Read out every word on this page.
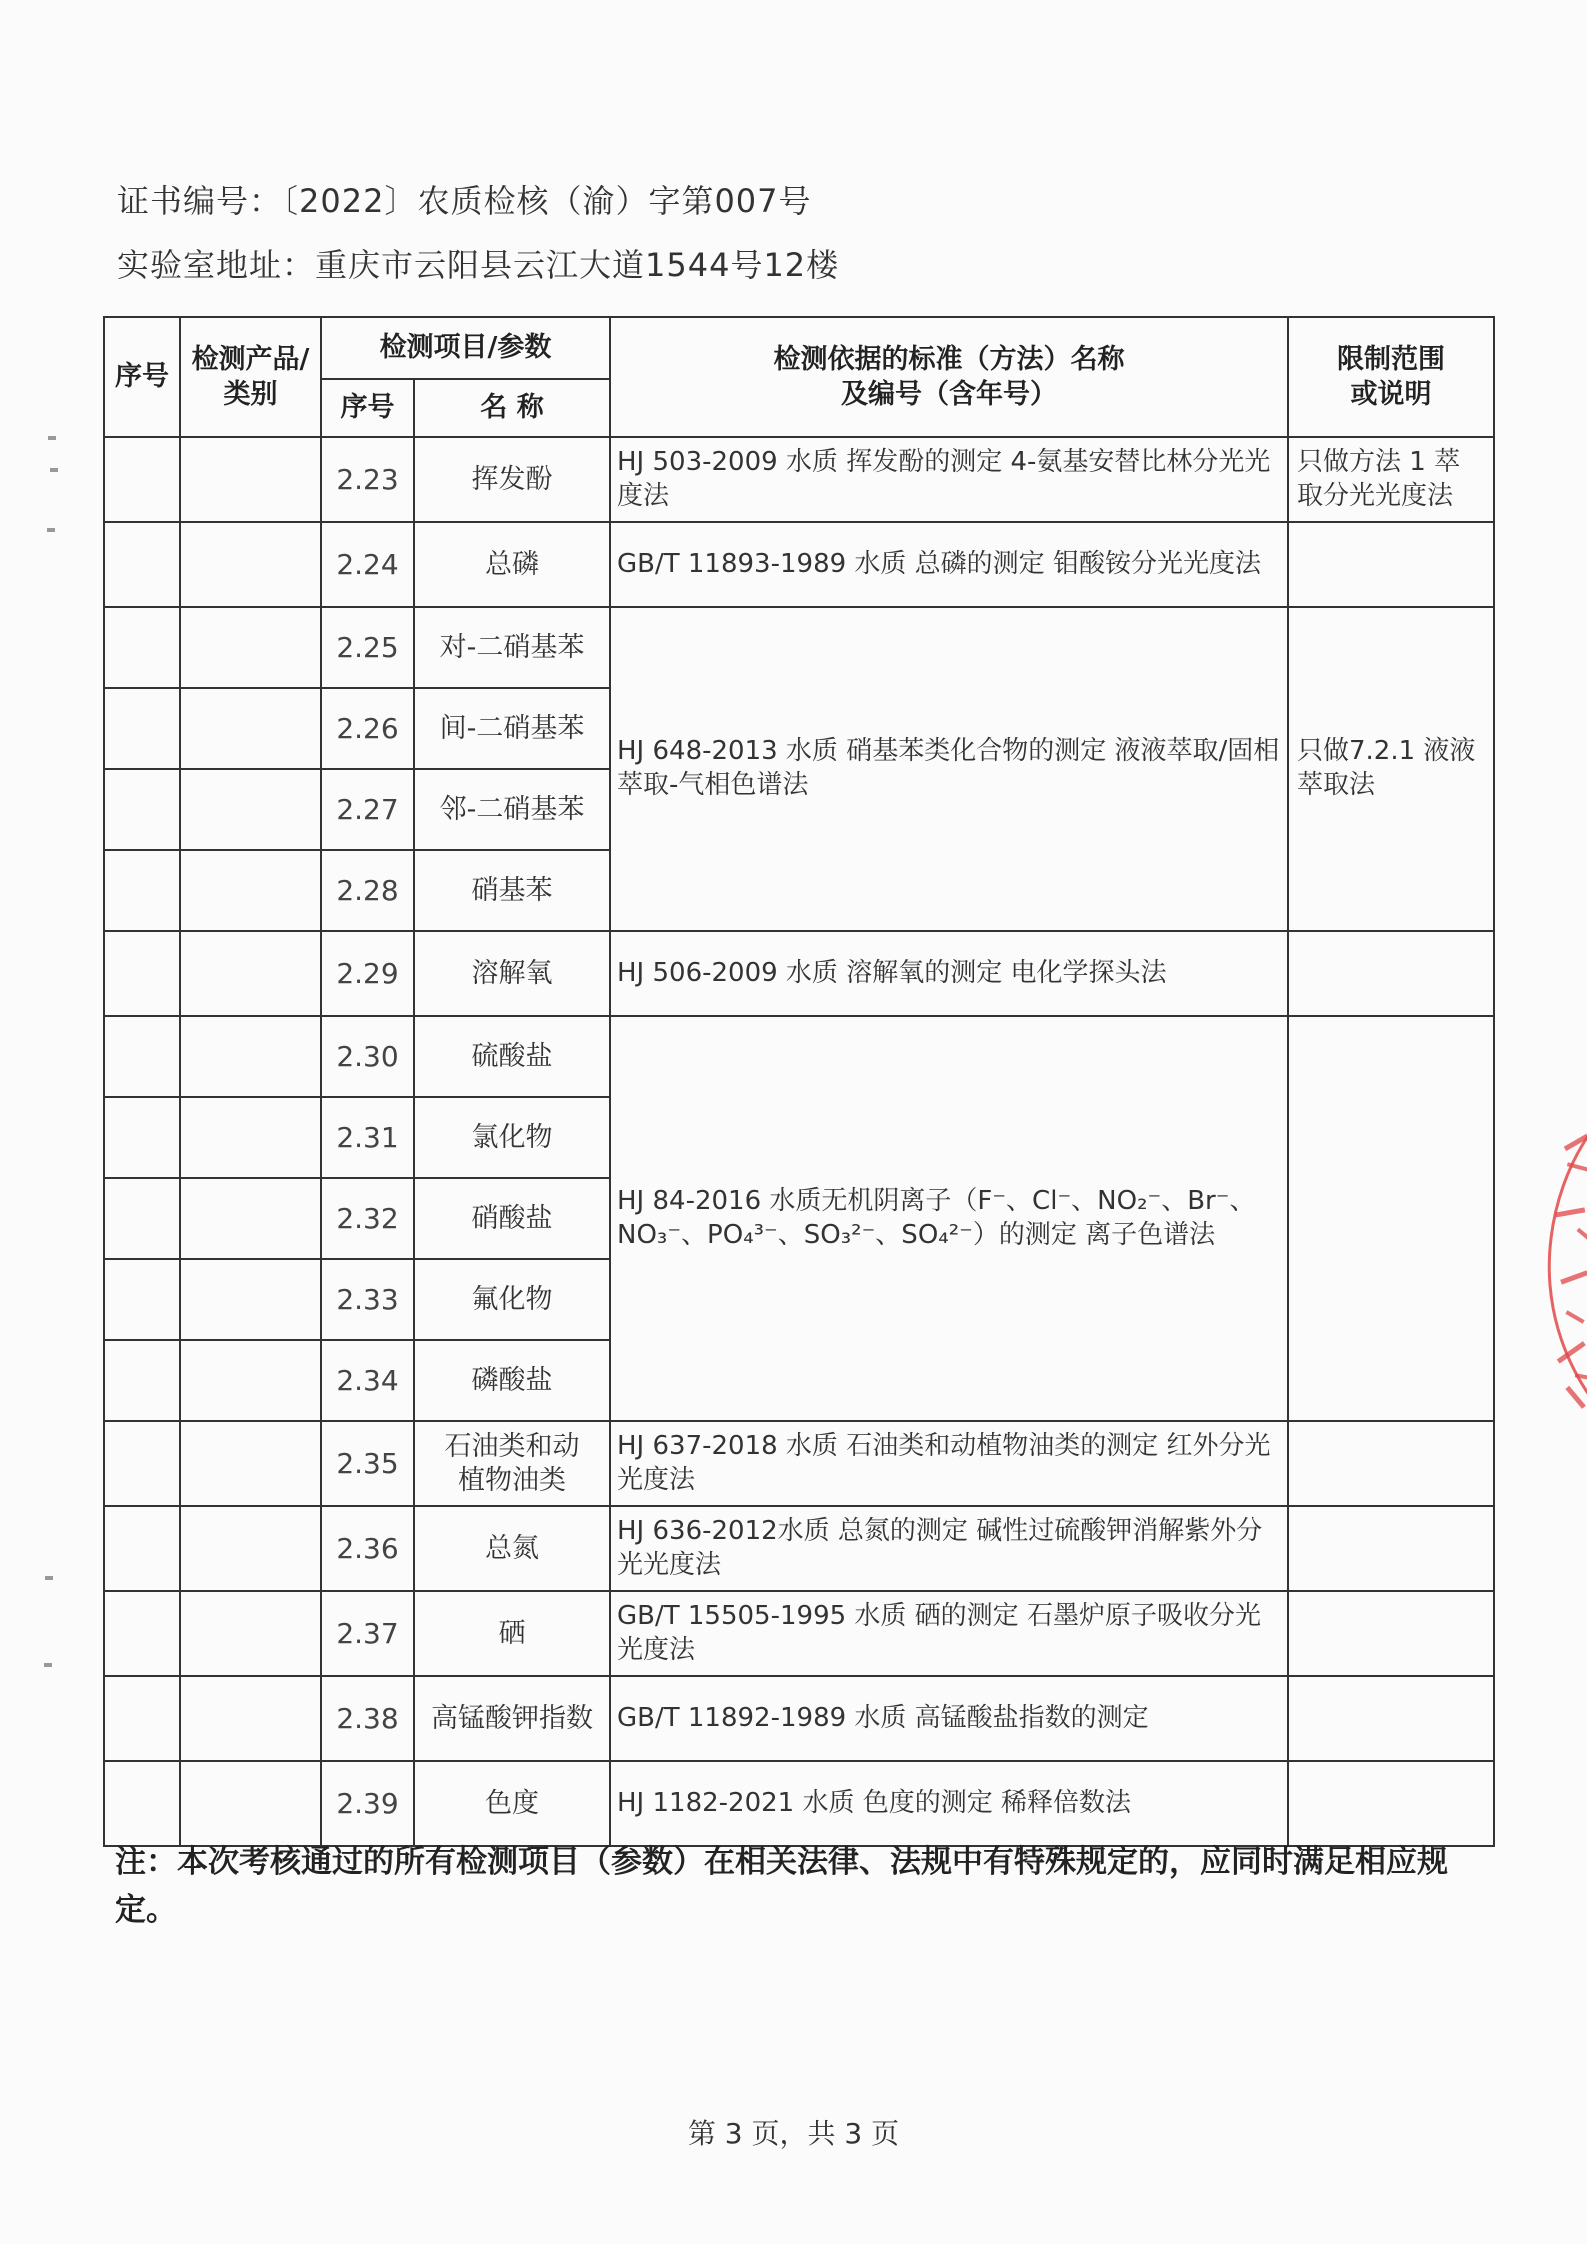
证书编号：〔2022〕农质检核（渝）字第007号
实验室地址：重庆市云阳县云江大道1544号12楼
序号	检测产品/类别	检测项目/参数		检测依据的标准（方法）名称及编号（含年号）	限制范围或说明
		序号	名 称		
		2.23	挥发酚	HJ 503-2009 水质 挥发酚的测定 4-氨基安替比林分光光度法	只做方法 1 萃取分光光度法
		2.24	总磷	GB/T 11893-1989 水质 总磷的测定 钼酸铵分光光度法	
		2.25	对-二硝基苯	HJ 648-2013 水质 硝基苯类化合物的测定 液液萃取/固相萃取-气相色谱法	只做7.2.1 液液萃取法
		2.26	间-二硝基苯		
		2.27	邻-二硝基苯		
		2.28	硝基苯		
		2.29	溶解氧	HJ 506-2009 水质 溶解氧的测定 电化学探头法	
		2.30	硫酸盐	HJ 84-2016 水质无机阴离子（F⁻、Cl⁻、NO₂⁻、Br⁻、NO₃⁻、PO₄³⁻、SO₃²⁻、SO₄²⁻）的测定 离子色谱法	
		2.31	氯化物		
		2.32	硝酸盐		
		2.33	氟化物		
		2.34	磷酸盐		
		2.35	石油类和动植物油类	HJ 637-2018 水质 石油类和动植物油类的测定 红外分光光度法	
		2.36	总氮	HJ 636-2012水质 总氮的测定 碱性过硫酸钾消解紫外分光光度法	
		2.37	硒	GB/T 15505-1995 水质 硒的测定 石墨炉原子吸收分光光度法	
		2.38	高锰酸钾指数	GB/T 11892-1989 水质 高锰酸盐指数的测定	
		2.39	色度	HJ 1182-2021 水质 色度的测定 稀释倍数法	
注：本次考核通过的所有检测项目（参数）在相关法律、法规中有特殊规定的，应同时满足相应规定。
第 3 页，共 3 页
